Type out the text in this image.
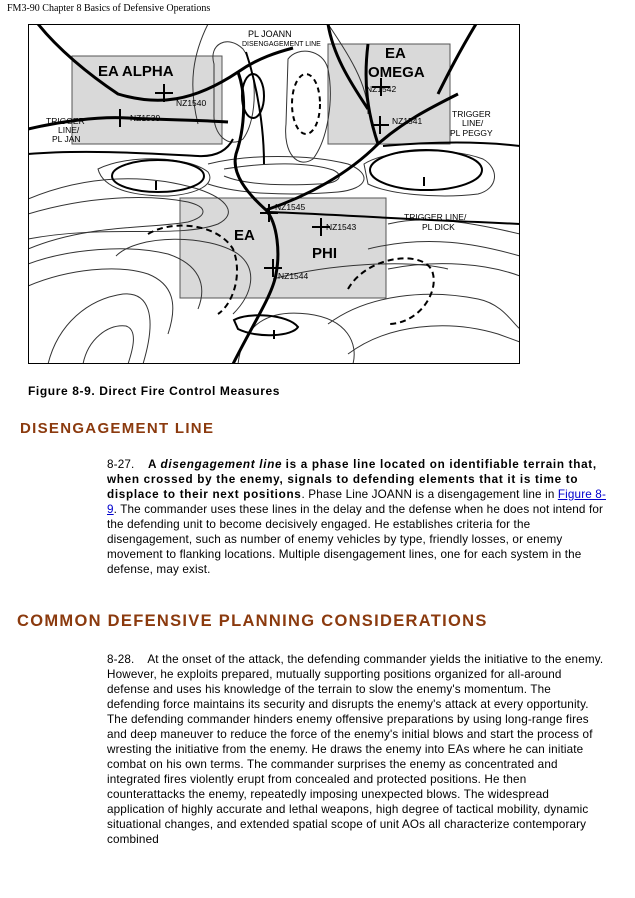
FM3-90 Chapter 8 Basics of Defensive Operations
PL JOANN
DISENGAGEMENT LINE
EA ALPHA
EA
OMEGA
EA
PHI
TRIGGER
LINE/
PL JAN
TRIGGER
LINE/
PL PEGGY
TRIGGER LINE/
PL DICK
NZ1539
NZ1540
NZ1541
NZ1542
NZ1543
NZ1544
NZ1545
Figure 8-9. Direct Fire Control Measures
DISENGAGEMENT LINE
8-27. A disengagement line is a phase line located on identifiable terrain that, when crossed by the enemy, signals to defending elements that it is time to displace to their next positions. Phase Line JOANN is a disengagement line in Figure 8-9. The commander uses these lines in the delay and the defense when he does not intend for the defending unit to become decisively engaged. He establishes criteria for the disengagement, such as number of enemy vehicles by type, friendly losses, or enemy movement to flanking locations. Multiple disengagement lines, one for each system in the defense, may exist.
COMMON DEFENSIVE PLANNING CONSIDERATIONS
8-28. At the onset of the attack, the defending commander yields the initiative to the enemy. However, he exploits prepared, mutually supporting positions organized for all-around defense and uses his knowledge of the terrain to slow the enemy's momentum. The defending force maintains its security and disrupts the enemy's attack at every opportunity. The defending commander hinders enemy offensive preparations by using long-range fires and deep maneuver to reduce the force of the enemy's initial blows and start the process of wresting the initiative from the enemy. He draws the enemy into EAs where he can initiate combat on his own terms. The commander surprises the enemy as concentrated and integrated fires violently erupt from concealed and protected positions. He then counterattacks the enemy, repeatedly imposing unexpected blows. The widespread application of highly accurate and lethal weapons, high degree of tactical mobility, dynamic situational changes, and extended spatial scope of unit AOs all characterize contemporary combined
